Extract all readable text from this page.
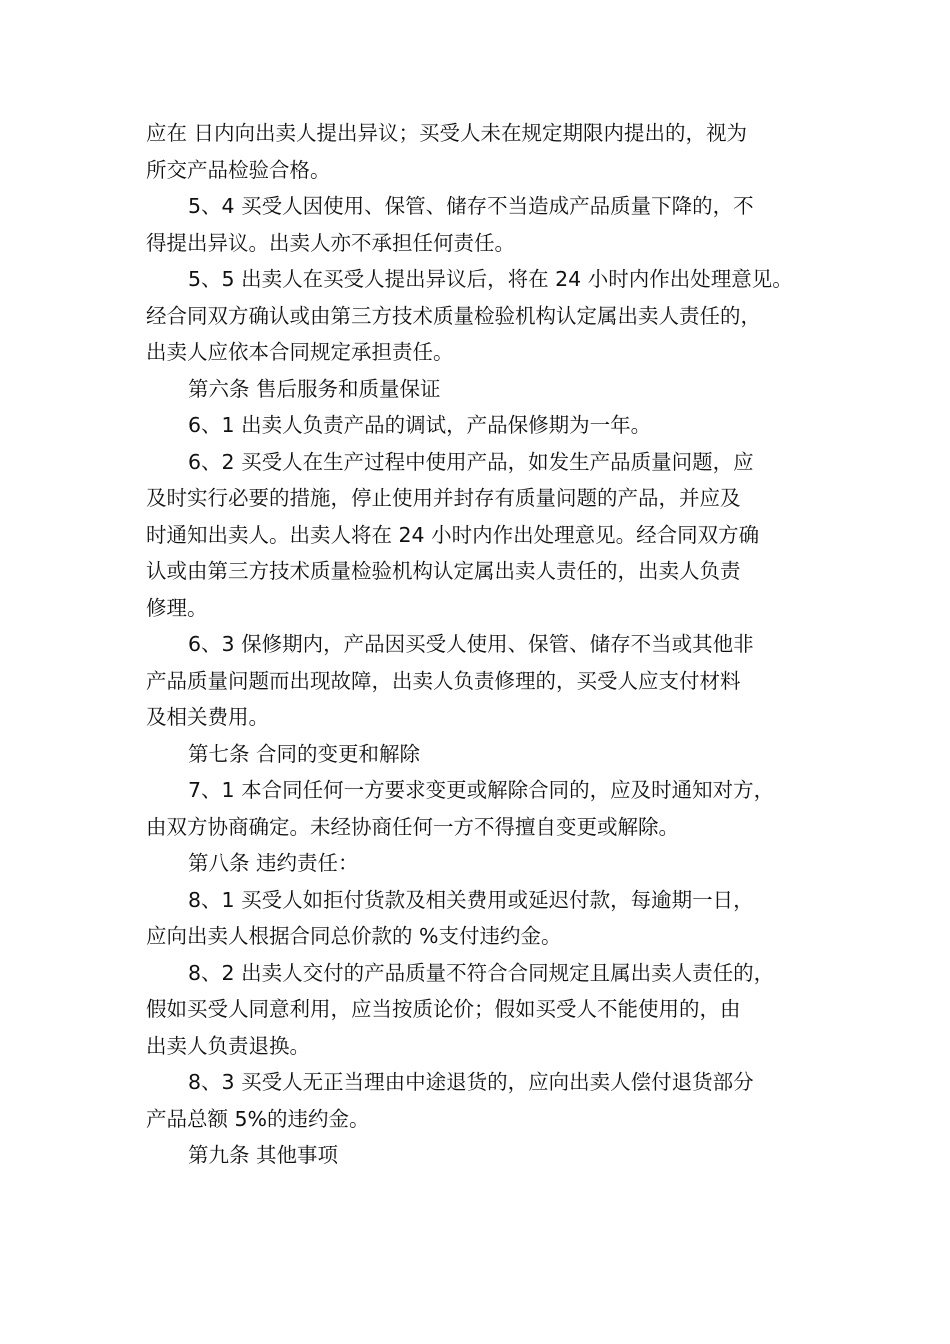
应在 日内向出卖人提出异议；买受人未在规定期限内提出的，视为
所交产品检验合格。
5、4 买受人因使用、保管、储存不当造成产品质量下降的，不
得提出异议。出卖人亦不承担任何责任。
5、5 出卖人在买受人提出异议后，将在 24 小时内作出处理意见。
经合同双方确认或由第三方技术质量检验机构认定属出卖人责任的，
出卖人应依本合同规定承担责任。
第六条 售后服务和质量保证
6、1 出卖人负责产品的调试，产品保修期为一年。
6、2 买受人在生产过程中使用产品，如发生产品质量问题，应
及时实行必要的措施，停止使用并封存有质量问题的产品，并应及
时通知出卖人。出卖人将在 24 小时内作出处理意见。经合同双方确
认或由第三方技术质量检验机构认定属出卖人责任的，出卖人负责
修理。
6、3 保修期内，产品因买受人使用、保管、储存不当或其他非
产品质量问题而出现故障，出卖人负责修理的，买受人应支付材料
及相关费用。
第七条 合同的变更和解除
7、1 本合同任何一方要求变更或解除合同的，应及时通知对方，
由双方协商确定。未经协商任何一方不得擅自变更或解除。
第八条 违约责任：
8、1 买受人如拒付货款及相关费用或延迟付款，每逾期一日，
应向出卖人根据合同总价款的 %支付违约金。
8、2 出卖人交付的产品质量不符合合同规定且属出卖人责任的，
假如买受人同意利用，应当按质论价；假如买受人不能使用的，由
出卖人负责退换。
8、3 买受人无正当理由中途退货的，应向出卖人偿付退货部分
产品总额 5%的违约金。
第九条 其他事项
